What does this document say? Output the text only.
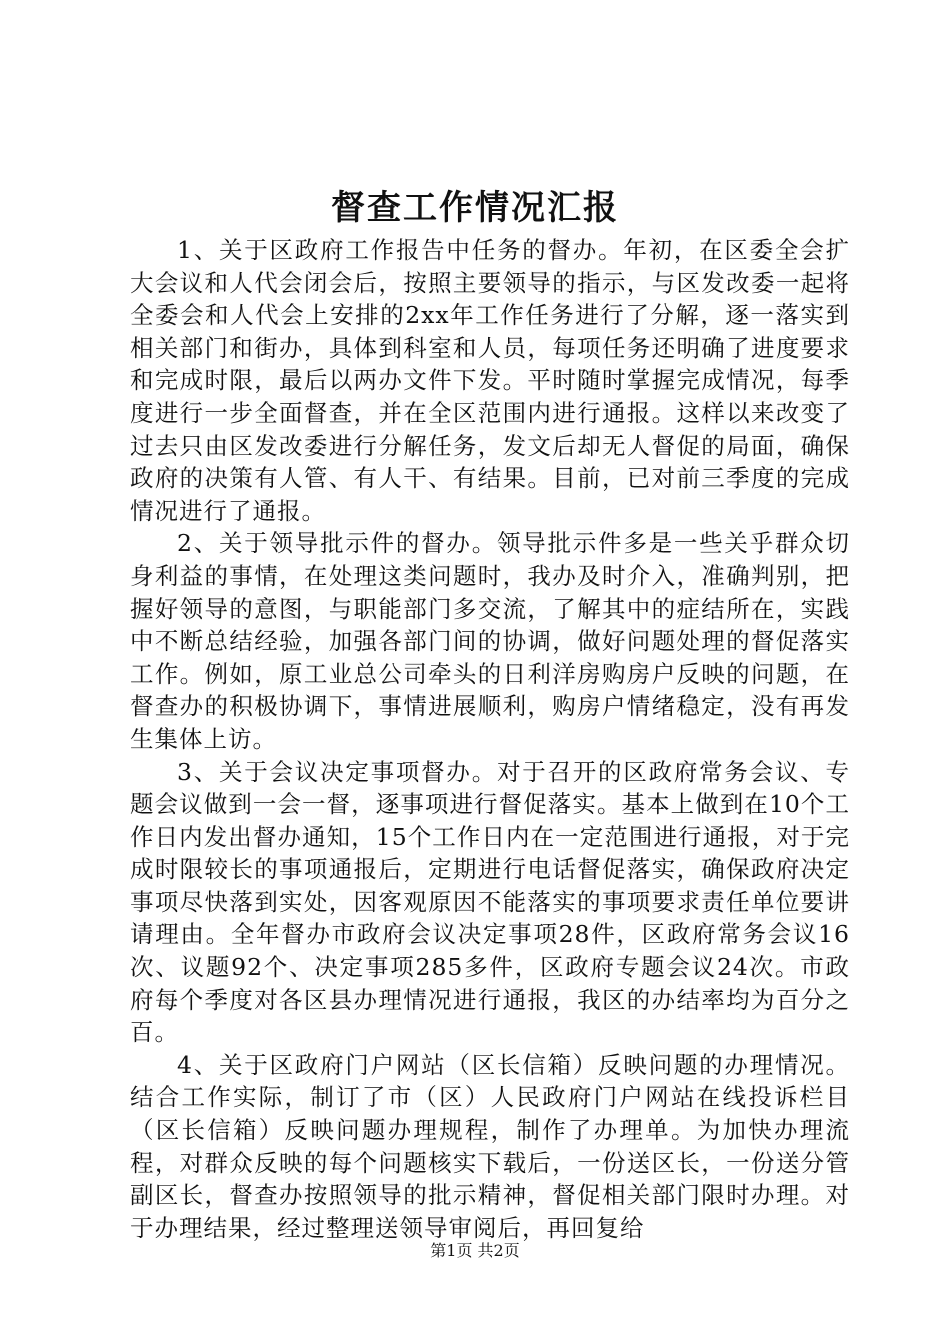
督查工作情况汇报

1、关于区政府工作报告中任务的督办。年初，在区委全会扩大会议和人代会闭会后，按照主要领导的指示，与区发改委一起将全委会和人代会上安排的2xx年工作任务进行了分解，逐一落实到相关部门和街办，具体到科室和人员，每项任务还明确了进度要求和完成时限，最后以两办文件下发。平时随时掌握完成情况，每季度进行一步全面督查，并在全区范围内进行通报。这样以来改变了过去只由区发改委进行分解任务，发文后却无人督促的局面，确保政府的决策有人管、有人干、有结果。目前，已对前三季度的完成情况进行了通报。

2、关于领导批示件的督办。领导批示件多是一些关乎群众切身利益的事情，在处理这类问题时，我办及时介入，准确判别，把握好领导的意图，与职能部门多交流，了解其中的症结所在，实践中不断总结经验，加强各部门间的协调，做好问题处理的督促落实工作。例如，原工业总公司牵头的日利洋房购房户反映的问题，在督查办的积极协调下，事情进展顺利，购房户情绪稳定，没有再发生集体上访。

3、关于会议决定事项督办。对于召开的区政府常务会议、专题会议做到一会一督，逐事项进行督促落实。基本上做到在10个工作日内发出督办通知，15个工作日内在一定范围进行通报，对于完成时限较长的事项通报后，定期进行电话督促落实，确保政府决定事项尽快落到实处，因客观原因不能落实的事项要求责任单位要讲请理由。全年督办市政府会议决定事项28件，区政府常务会议16次、议题92个、决定事项285多件，区政府专题会议24次。市政府每个季度对各区县办理情况进行通报，我区的办结率均为百分之百。

4、关于区政府门户网站（区长信箱）反映问题的办理情况。结合工作实际，制订了市（区）人民政府门户网站在线投诉栏目（区长信箱）反映问题办理规程，制作了办理单。为加快办理流程，对群众反映的每个问题核实下载后，一份送区长，一份送分管副区长，督查办按照领导的批示精神，督促相关部门限时办理。对于办理结果，经过整理送领导审阅后，再回复给

第1页 共2页
